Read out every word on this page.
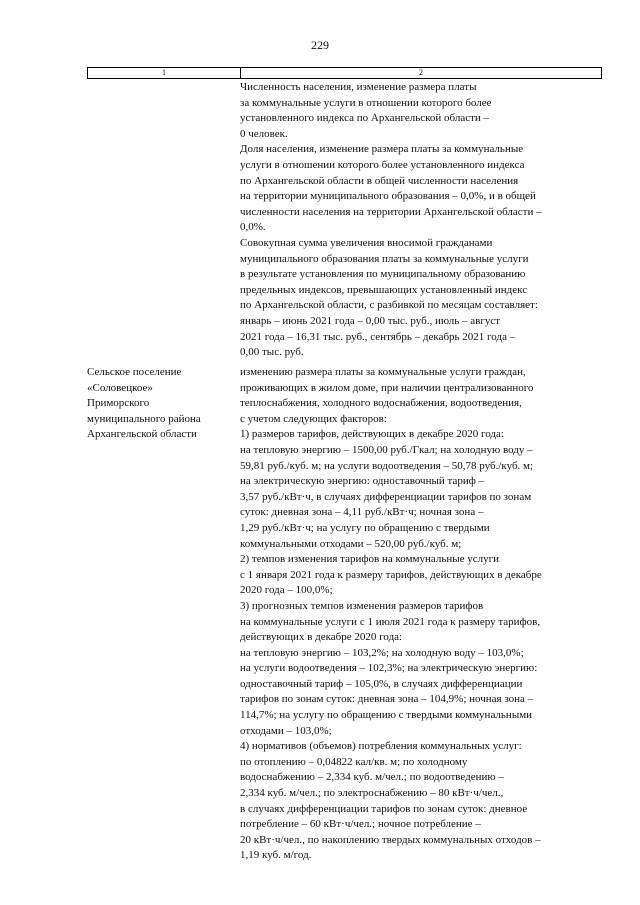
229
1	2
Численность населения, изменение размера платы
за коммунальные услуги в отношении которого более
установленного индекса по Архангельской области –
0 человек.
Доля населения, изменение размера платы за коммунальные
услуги в отношении которого более установленного индекса
по Архангельской области в общей численности населения
на территории муниципального образования – 0,0%, и в общей
численности населения на территории Архангельской области –
0,0%.
Совокупная сумма увеличения вносимой гражданами
муниципального образования платы за коммунальные услуги
в результате установления по муниципальному образованию
предельных индексов, превышающих установленный индекс
по Архангельской области, с разбивкой по месяцам составляет:
январь – июнь 2021 года – 0,00 тыс. руб., июль – август
2021 года – 16,31 тыс. руб., сентябрь – декабрь 2021 года –
0,00 тыс. руб.
Сельское поселение
«Соловецкое»
Приморского
муниципального района
Архангельской области
изменению размера платы за коммунальные услуги граждан,
проживающих в жилом доме, при наличии централизованного
теплоснабжения, холодного водоснабжения, водоотведения,
с учетом следующих факторов:
1) размеров тарифов, действующих в декабре 2020 года:
на тепловую энергию – 1500,00 руб./Гкал; на холодную воду –
59,81 руб./куб. м; на услуги водоотведения – 50,78 руб./куб. м;
на электрическую энергию: одноставочный тариф –
3,57 руб./кВт·ч, в случаях дифференциации тарифов по зонам
суток: дневная зона – 4,11 руб./кВт·ч; ночная зона –
1,29 руб./кВт·ч; на услугу по обращению с твердыми
коммунальными отходами – 520,00 руб./куб. м;
2) темпов изменения тарифов на коммунальные услуги
с 1 января 2021 года к размеру тарифов, действующих в декабре
2020 года – 100,0%;
3) прогнозных темпов изменения размеров тарифов
на коммунальные услуги с 1 июля 2021 года к размеру тарифов,
действующих в декабре 2020 года:
на тепловую энергию – 103,2%; на холодную воду – 103,0%;
на услуги водоотведения – 102,3%; на электрическую энергию:
одноставочный тариф – 105,0%, в случаях дифференциации
тарифов по зонам суток: дневная зона – 104,9%; ночная зона –
114,7%; на услугу по обращению с твердыми коммунальными
отходами – 103,0%;
4) нормативов (объемов) потребления коммунальных услуг:
по отоплению – 0,04822 кал/кв. м; по холодному
водоснабжению – 2,334 куб. м/чел.; по водоотведению –
2,334 куб. м/чел.; по электроснабжению – 80 кВт·ч/чел.,
в случаях дифференциации тарифов по зонам суток: дневное
потребление – 60 кВт·ч/чел.; ночное потребление –
20 кВт·ч/чел., по накоплению твердых коммунальных отходов –
1,19 куб. м/год.
